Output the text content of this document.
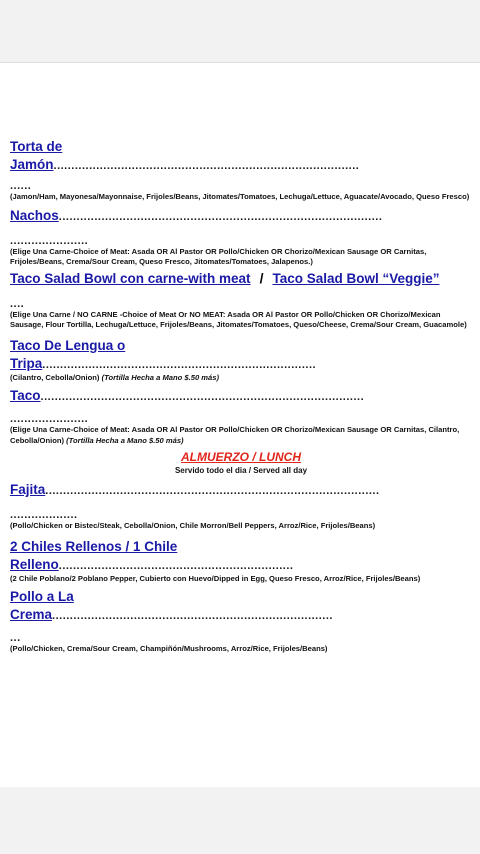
Torta de
Jamón ......................................................................................
......
(Jamon/Ham, Mayonesa/Mayonnaise, Frijoles/Beans, Jitomates/Tomatoes, Lechuga/Lettuce, Aguacate/Avocado, Queso Fresco)
Nachos ...........................................................................................
......................
(Elige Una Carne-Choice of Meat: Asada OR Al Pastor OR Pollo/Chicken OR Chorizo/Mexican Sausage OR Carnitas, Frijoles/Beans, Crema/Sour Cream, Queso Fresco, Jitomates/Tomatoes, Jalapenos.)
Taco Salad Bowl con carne-with meat / Taco Salad Bowl “Veggie”
....
(Elige Una Carne / NO CARNE -Choice of Meat Or NO MEAT: Asada OR Al Pastor OR Pollo/Chicken OR Chorizo/Mexican Sausage, Flour Tortilla, Lechuga/Lettuce, Frijoles/Beans, Jitomates/Tomatoes, Queso/Cheese, Crema/Sour Cream, Guacamole)
Taco De Lengua o
Tripa .............................................................................
(Cilantro, Cebolla/Onion) (Tortilla Hecha a Mano $.50 más)
Taco ...........................................................................................
......................
(Elige Una Carne-Choice of Meat: Asada OR Al Pastor OR Pollo/Chicken OR Chorizo/Mexican Sausage OR Carnitas, Cilantro, Cebolla/Onion) (Tortilla Hecha a Mano $.50 más)
ALMUERZO / LUNCH
Servido todo el dia / Served all day
Fajita ..............................................................................................
...................
(Pollo/Chicken or Bistec/Steak, Cebolla/Onion, Chile Morron/Bell Peppers, Arroz/Rice, Frijoles/Beans)
2 Chiles Rellenos / 1 Chile
Relleno ..................................................................
(2 Chile Poblano/2 Poblano Pepper, Cubierto con Huevo/Dipped in Egg, Queso Fresco, Arroz/Rice, Frijoles/Beans)
Pollo a La
Crema ...............................................................................
...
(Pollo/Chicken, Crema/Sour Cream, Champiñón/Mushrooms, Arroz/Rice, Frijoles/Beans)
